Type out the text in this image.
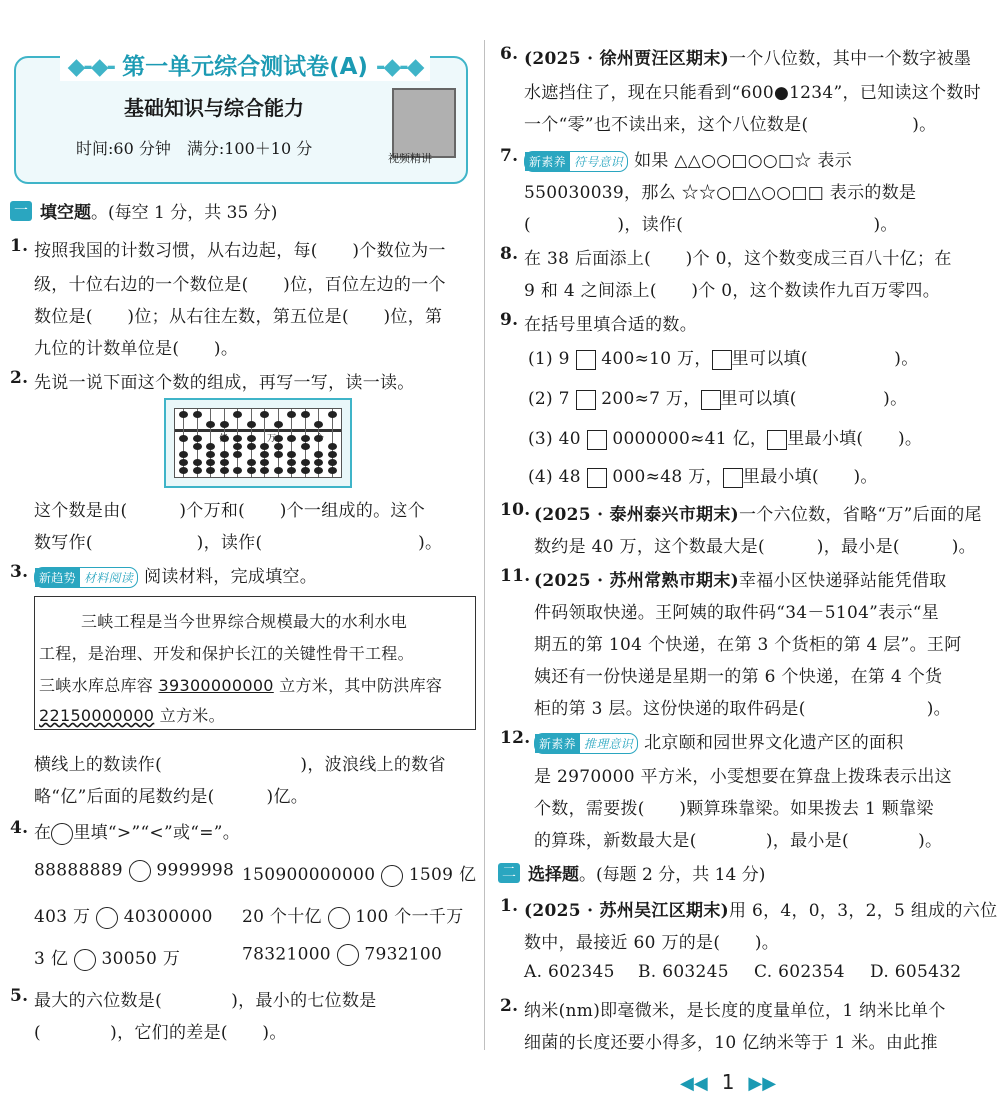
◆-◆- 第一单元综合测试卷(A) -◆-◆
基础知识与综合能力
时间:60 分钟　满分:100＋10 分
视频精讲
一 填空题 。(每空 1 分，共 35 分)
1. 按照我国的计数习惯，从右边起，每(　　)个数位为一
级，十位右边的一个数位是(　　)位，百位左边的一个
数位是(　　)位；从右往左数，第五位是(　　)位，第
九位的计数单位是(　　)。
2. 先说一说下面这个数的组成，再写一写，读一读。
亿	万	个
这个数是由(　　　)个万和(　　)个一组成的。这个
数写作(　　　　　　)，读作(　　　　　　　　　)。
3. 新趋势 材料阅读 阅读材料，完成填空。
三峡工程是当今世界综合规模最大的水利水电
工程，是治理、开发和保护长江的关键性骨干工程。
三峡水库总库容 39300000000 立方米，其中防洪库容
22150000000 立方米。
横线上的数读作(　　　　　　　　)，波浪线上的数省
略“亿”后面的尾数约是(　　　)亿。
4. 在 里填“>”“<”或“=”。
88888889  9999998 150900000000  1509 亿
403 万  40300000 20 个十亿  100 个一千万
3 亿  30050 万	78321000  7932100
5. 最大的六位数是(　　　　)，最小的七位数是
(　　　　)，它们的差是(　　)。
6. (2025 · 徐州贾汪区期末)一个八位数，其中一个数字被墨
水遮挡住了，现在只能看到“600●1234”，已知读这个数时
一个“零”也不读出来，这个八位数是(　　　　　　)。
7. 新素养 符号意识 如果 △△○○□○○□☆ 表示
550030039，那么 ☆☆○□△○○□□ 表示的数是
(　　　　　)，读作(　　　　　　　　　　　)。
8. 在 38 后面添上(　　)个 0，这个数变成三百八十亿；在
9 和 4 之间添上(　　)个 0，这个数读作九百万零四。
9. 在括号里填合适的数。
(1) 9  400≈10 万， 里可以填(　　　　　)。
(2) 7  200≈7 万， 里可以填(　　　　　)。
(3) 40  0000000≈41 亿， 里最小填(　　)。
(4) 48  000≈48 万， 里最小填(　　)。
10. (2025 · 泰州泰兴市期末)一个六位数，省略“万”后面的尾
数约是 40 万，这个数最大是(　　　)，最小是(　　　)。
11. (2025 · 苏州常熟市期末)幸福小区快递驿站能凭借取
件码领取快递。王阿姨的取件码“34－5104”表示“星
期五的第 104 个快递，在第 3 个货柜的第 4 层”。王阿
姨还有一份快递是星期一的第 6 个快递，在第 4 个货
柜的第 3 层。这份快递的取件码是(　　　　　　　)。
12. 新素养 推理意识 北京颐和园世界文化遗产区的面积
是 2970000 平方米，小雯想要在算盘上拨珠表示出这
个数，需要拨(　　)颗算珠靠梁。如果拨去 1 颗靠梁
的算珠，新数最大是(　　　　)，最小是(　　　　)。
二 选择题 。(每题 2 分，共 14 分)
1. (2025 · 苏州吴江区期末)用 6，4，0，3，2，5 组成的六位
数中，最接近 60 万的是(　　)。
A. 602345 B. 603245 C. 602354 D. 605432
2. 纳米(nm)即毫微米，是长度的度量单位，1 纳米比单个
细菌的长度还要小得多，10 亿纳米等于 1 米。由此推
◀◀ 1 ▶▶
